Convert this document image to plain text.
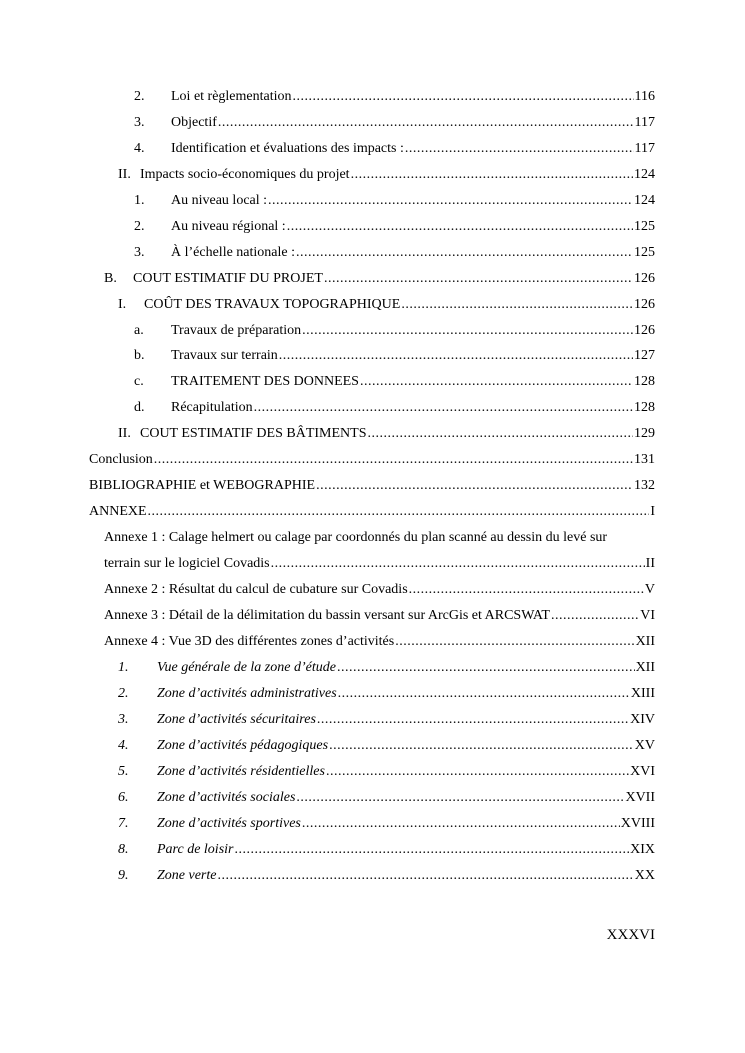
2.	Loi et règlementation .....	116
3.	Objectif .....	117
4.	Identification et évaluations des impacts : .....	117
II. Impacts socio-économiques du projet .....	124
1.	Au niveau local : .....	124
2.	Au niveau régional : .....	125
3.	À l’échelle nationale : .....	125
B.	COUT ESTIMATIF DU PROJET .....	126
I.	COÛT DES TRAVAUX TOPOGRAPHIQUE .....	126
a.	Travaux de préparation .....	126
b.	Travaux sur terrain .....	127
c.	TRAITEMENT DES DONNEES .....	128
d.	Récapitulation .....	128
II. COUT ESTIMATIF DES BÂTIMENTS .....	129
Conclusion .....	131
BIBLIOGRAPHIE et WEBOGRAPHIE .....	132
ANNEXE .....	I
Annexe 1 : Calage helmert ou calage par coordonnés du plan scanné au dessin du levé sur
terrain sur le logiciel Covadis .....	II
Annexe 2 : Résultat du calcul de cubature sur Covadis .....	V
Annexe 3 : Détail de la délimitation du bassin versant sur ArcGis et ARCSWAT .....	VI
Annexe 4 : Vue 3D des différentes zones d’activités .....	XII
1.	Vue générale de la zone d’étude .....	XII
2.	Zone d’activités administratives .....	XIII
3.	Zone d’activités sécuritaires .....	XIV
4.	Zone d’activités pédagogiques .....	XV
5.	Zone d’activités résidentielles .....	XVI
6.	Zone d’activités sociales .....	XVII
7.	Zone d’activités sportives .....	XVIII
8.	Parc de loisir .....	XIX
9.	Zone verte .....	XX
XXXVI
